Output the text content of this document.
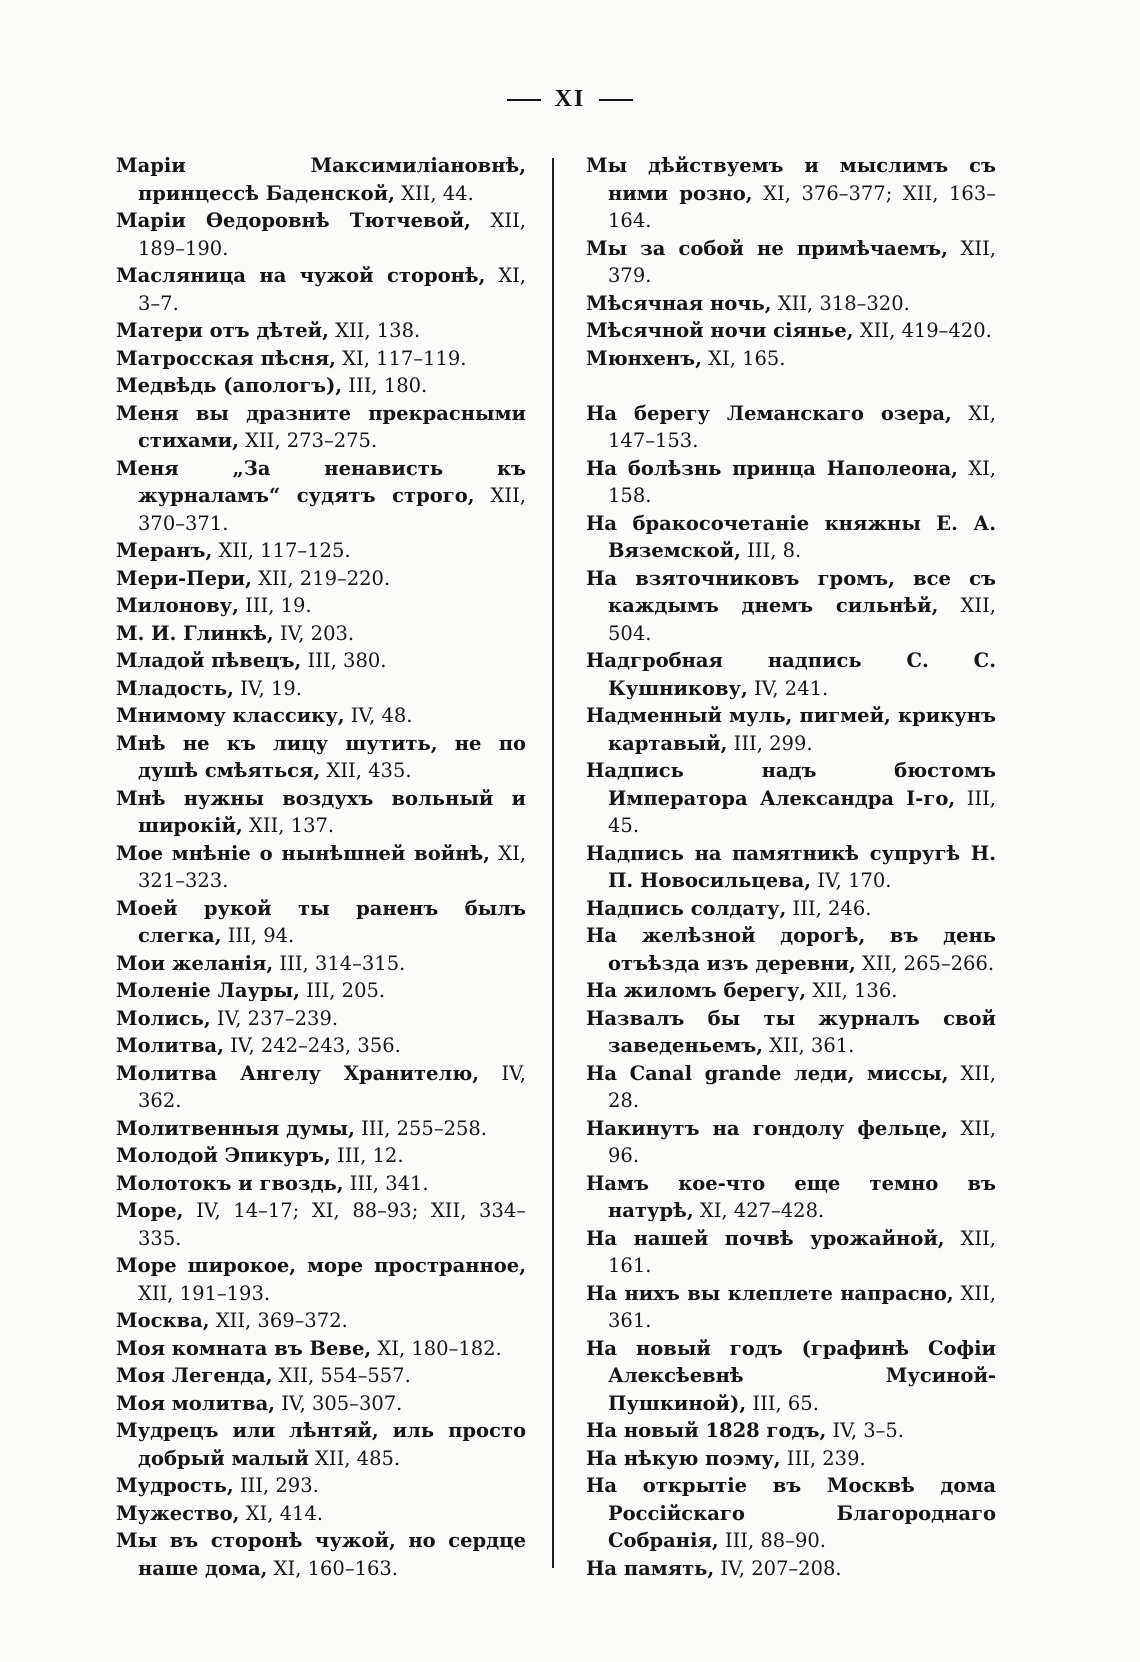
XI
Маріи Максимиліановнѣ, принцессѣ Баденской, XII, 44.
Маріи Ѳедоровнѣ Тютчевой, XII, 189–190.
Масляница на чужой сторонѣ, XI, 3–7.
Матери отъ дѣтей, XII, 138.
Матросская пѣсня, XI, 117–119.
Медвѣдь (апологъ), III, 180.
Меня вы дразните прекрасными стихами, XII, 273–275.
Меня „За ненависть къ журналамъ“ судятъ строго, XII, 370–371.
Меранъ, XII, 117–125.
Мери-Пери, XII, 219–220.
Милонову, III, 19.
М. И. Глинкѣ, IV, 203.
Младой пѣвецъ, III, 380.
Младость, IV, 19.
Мнимому классику, IV, 48.
Мнѣ не къ лицу шутить, не по душѣ смѣяться, XII, 435.
Мнѣ нужны воздухъ вольный и широкій, XII, 137.
Мое мнѣніе о нынѣшней войнѣ, XI, 321–323.
Моей рукой ты раненъ былъ слегка, III, 94.
Мои желанія, III, 314–315.
Моленіе Лауры, III, 205.
Молись, IV, 237–239.
Молитва, IV, 242–243, 356.
Молитва Ангелу Хранителю, IV, 362.
Молитвенныя думы, III, 255–258.
Молодой Эпикуръ, III, 12.
Молотокъ и гвоздь, III, 341.
Море, IV, 14–17; XI, 88–93; XII, 334–335.
Море широкое, море пространное, XII, 191–193.
Москва, XII, 369–372.
Моя комната въ Веве, XI, 180–182.
Моя Легенда, XII, 554–557.
Моя молитва, IV, 305–307.
Мудрецъ или лѣнтяй, иль просто добрый малый XII, 485.
Мудрость, III, 293.
Мужество, XI, 414.
Мы въ сторонѣ чужой, но сердце наше дома, XI, 160–163.
Мы дѣйствуемъ и мыслимъ съ ними розно, XI, 376–377; XII, 163–164.
Мы за собой не примѣчаемъ, XII, 379.
Мѣсячная ночь, XII, 318–320.
Мѣсячной ночи сіянье, XII, 419–420.
Мюнхенъ, XI, 165.
На берегу Леманскаго озера, XI, 147–153.
На болѣзнь принца Наполеона, XI, 158.
На бракосочетаніе княжны Е. А. Вяземской, III, 8.
На взяточниковъ громъ, все съ каждымъ днемъ сильнѣй, XII, 504.
Надгробная надпись С. С. Кушникову, IV, 241.
Надменный муль, пигмей, крикунъ картавый, III, 299.
Надпись надъ бюстомъ Императора Александра I-го, III, 45.
Надпись на памятникѣ супругѣ Н. П. Новосильцева, IV, 170.
Надпись солдату, III, 246.
На желѣзной дорогѣ, въ день отъѣзда изъ деревни, XII, 265–266.
На жиломъ берегу, XII, 136.
Назвалъ бы ты журналъ свой заведеньемъ, XII, 361.
На Canal grande леди, миссы, XII, 28.
Накинутъ на гондолу фельце, XII, 96.
Намъ кое-что еще темно въ натурѣ, XI, 427–428.
На нашей почвѣ урожайной, XII, 161.
На нихъ вы клеплете напрасно, XII, 361.
На новый годъ (графинѣ Софіи Алексѣевнѣ Мусиной-Пушкиной), III, 65.
На новый 1828 годъ, IV, 3–5.
На нѣкую поэму, III, 239.
На открытіе въ Москвѣ дома Россійскаго Благороднаго Собранія, III, 88–90.
На память, IV, 207–208.
